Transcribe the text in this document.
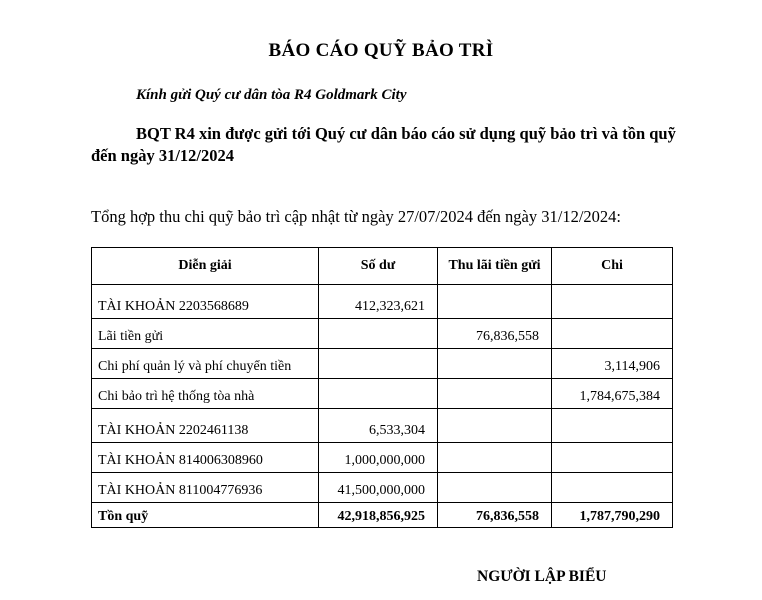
BÁO CÁO QUỸ BẢO TRÌ
Kính gửi Quý cư dân tòa R4 Goldmark City
BQT R4 xin được gửi tới Quý cư dân báo cáo sử dụng quỹ bảo trì và tồn quỹ đến ngày 31/12/2024
Tổng hợp thu chi quỹ bảo trì cập nhật từ ngày 27/07/2024 đến ngày 31/12/2024:
Diễn giải	Số dư	Thu lãi tiền gửi	Chi
TÀI KHOẢN 2203568689	412,323,621		
Lãi tiền gửi		76,836,558	
Chi phí quản lý và phí chuyển tiền			3,114,906
Chi bảo trì hệ thống tòa nhà			1,784,675,384
TÀI KHOẢN 2202461138	6,533,304		
TÀI KHOẢN 814006308960	1,000,000,000		
TÀI KHOẢN 811004776936	41,500,000,000		
Tồn quỹ	42,918,856,925	76,836,558	1,787,790,290
NGƯỜI LẬP BIỂU
